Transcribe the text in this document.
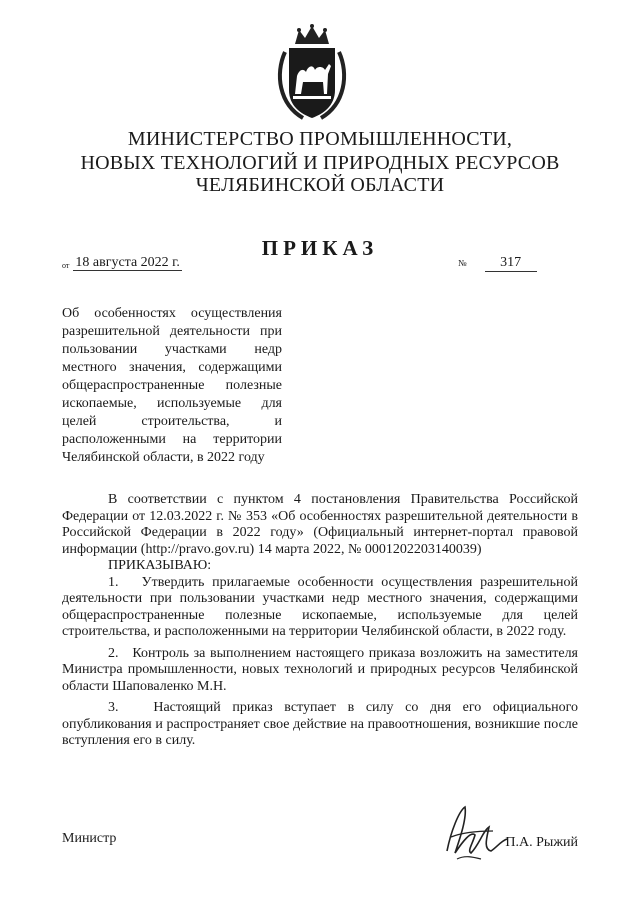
МИНИСТЕРСТВО ПРОМЫШЛЕННОСТИ,
НОВЫХ ТЕХНОЛОГИЙ И ПРИРОДНЫХ РЕСУРСОВ
ЧЕЛЯБИНСКОЙ ОБЛАСТИ
ПРИКАЗ
от 18 августа 2022 г.	№ 317
Об особенностях осуществления разрешительной деятельности при пользовании участками недр местного значения, содержащими общераспространенные полезные ископаемые, используемые для целей строительства, и расположенными на территории Челябинской области, в 2022 году

В соответствии с пунктом 4 постановления Правительства Российской Федерации от 12.03.2022 г. № 353 «Об особенностях разрешительной деятельности в Российской Федерации в 2022 году» (Официальный интернет-портал правовой информации (http://pravo.gov.ru) 14 марта 2022, № 0001202203140039)

ПРИКАЗЫВАЮ:

1.   Утвердить прилагаемые особенности осуществления разрешительной деятельности при пользовании участками недр местного значения, содержащими общераспространенные полезные ископаемые, используемые для целей строительства, и расположенными на территории Челябинской области, в 2022 году.

2.   Контроль за выполнением настоящего приказа возложить на заместителя Министра промышленности, новых технологий и природных ресурсов Челябинской области Шаповаленко М.Н.

3.   Настоящий приказ вступает в силу со дня его официального опубликования и распространяет свое действие на правоотношения, возникшие после вступления его в силу.

Министр	П.А. Рыжий
